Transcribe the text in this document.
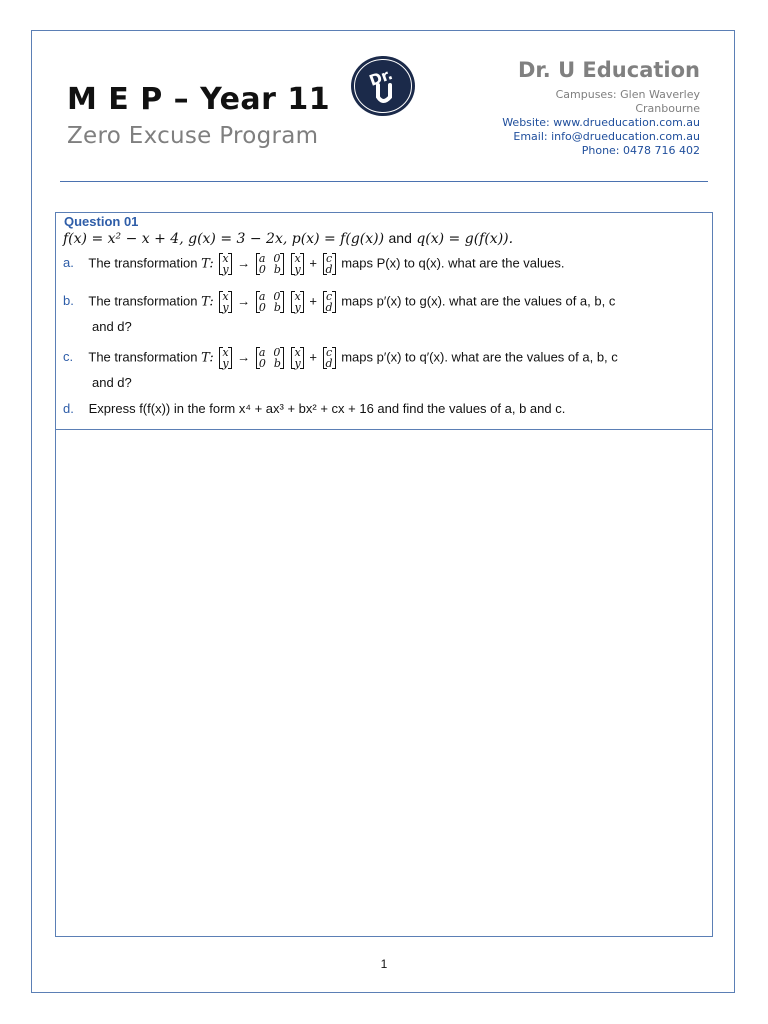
M E P – Year 11
Zero Excuse Program
Dr.	Dr. U Education
Campuses: Glen Waverley
Cranbourne
Website: www.drueducation.com.au
Email: info@drueducation.com.au
Phone: 0478 716 402
Question 01
f(x) = x² − x + 4, g(x) = 3 − 2x, p(x) = f(g(x)) and q(x) = g(f(x)).
a. The transformation T: x
y → a 0
0 b

x
y + c
d maps P(x) to q(x). what are the values.
b. The transformation T: x
y → a 0
0 b

x
y + c
d maps p′(x) to g(x). what are the values of a, b, c
and d?
c. The transformation T: x
y → a 0
0 b

x
y + c
d maps p′(x) to q′(x). what are the values of a, b, c
and d?
d. Express f(f(x)) in the form x⁴ + ax³ + bx² + cx + 16 and find the values of a, b and c.
1
